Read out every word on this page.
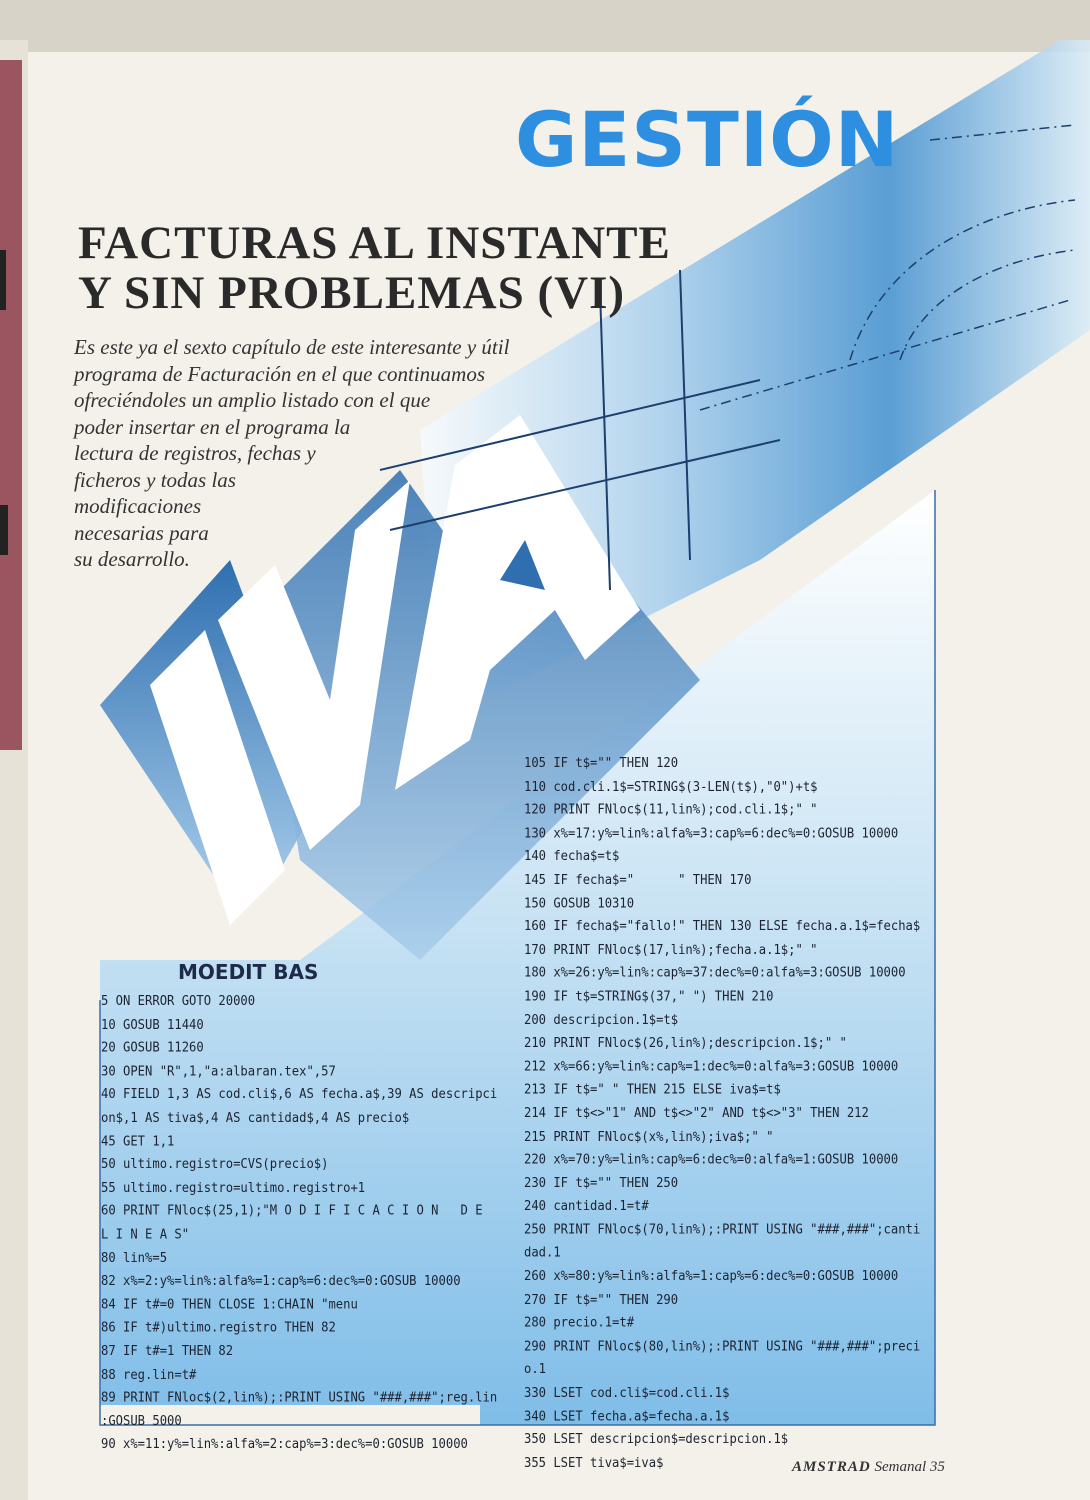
GESTIÓN
FACTURAS AL INSTANTE
Y SIN PROBLEMAS (VI)
Es este ya el sexto capítulo de este interesante y útil
programa de Facturación en el que continuamos
ofreciéndoles un amplio listado con el que
poder insertar en el programa la
lectura de registros, fechas y
ficheros y todas las
modificaciones
necesarias para
su desarrollo.
MOEDIT BAS
5 ON ERROR GOTO 20000
10 GOSUB 11440
20 GOSUB 11260
30 OPEN "R",1,"a:albaran.tex",57
40 FIELD 1,3 AS cod.cli$,6 AS fecha.a$,39 AS descripci
on$,1 AS tiva$,4 AS cantidad$,4 AS precio$
45 GET 1,1
50 ultimo.registro=CVS(precio$)
55 ultimo.registro=ultimo.registro+1
60 PRINT FNloc$(25,1);"M O D I F I C A C I O N   D E
L I N E A S"
80 lin%=5
82 x%=2:y%=lin%:alfa%=1:cap%=6:dec%=0:GOSUB 10000
84 IF t#=0 THEN CLOSE 1:CHAIN "menu
86 IF t#)ultimo.registro THEN 82
87 IF t#=1 THEN 82
88 reg.lin=t#
89 PRINT FNloc$(2,lin%);:PRINT USING "###,###";reg.lin
:GOSUB 5000
90 x%=11:y%=lin%:alfa%=2:cap%=3:dec%=0:GOSUB 10000
105 IF t$="" THEN 120
110 cod.cli.1$=STRING$(3-LEN(t$),"0")+t$
120 PRINT FNloc$(11,lin%);cod.cli.1$;" "
130 x%=17:y%=lin%:alfa%=3:cap%=6:dec%=0:GOSUB 10000
140 fecha$=t$
145 IF fecha$="      " THEN 170
150 GOSUB 10310
160 IF fecha$="fallo!" THEN 130 ELSE fecha.a.1$=fecha$
170 PRINT FNloc$(17,lin%);fecha.a.1$;" "
180 x%=26:y%=lin%:cap%=37:dec%=0:alfa%=3:GOSUB 10000
190 IF t$=STRING$(37," ") THEN 210
200 descripcion.1$=t$
210 PRINT FNloc$(26,lin%);descripcion.1$;" "
212 x%=66:y%=lin%:cap%=1:dec%=0:alfa%=3:GOSUB 10000
213 IF t$=" " THEN 215 ELSE iva$=t$
214 IF t$<>"1" AND t$<>"2" AND t$<>"3" THEN 212
215 PRINT FNloc$(x%,lin%);iva$;" "
220 x%=70:y%=lin%:cap%=6:dec%=0:alfa%=1:GOSUB 10000
230 IF t$="" THEN 250
240 cantidad.1=t#
250 PRINT FNloc$(70,lin%);:PRINT USING "###,###";canti
dad.1
260 x%=80:y%=lin%:alfa%=1:cap%=6:dec%=0:GOSUB 10000
270 IF t$="" THEN 290
280 precio.1=t#
290 PRINT FNloc$(80,lin%);:PRINT USING "###,###";preci
o.1
330 LSET cod.cli$=cod.cli.1$
340 LSET fecha.a$=fecha.a.1$
350 LSET descripcion$=descripcion.1$
355 LSET tiva$=iva$	AMSTRAD Semanal 35
